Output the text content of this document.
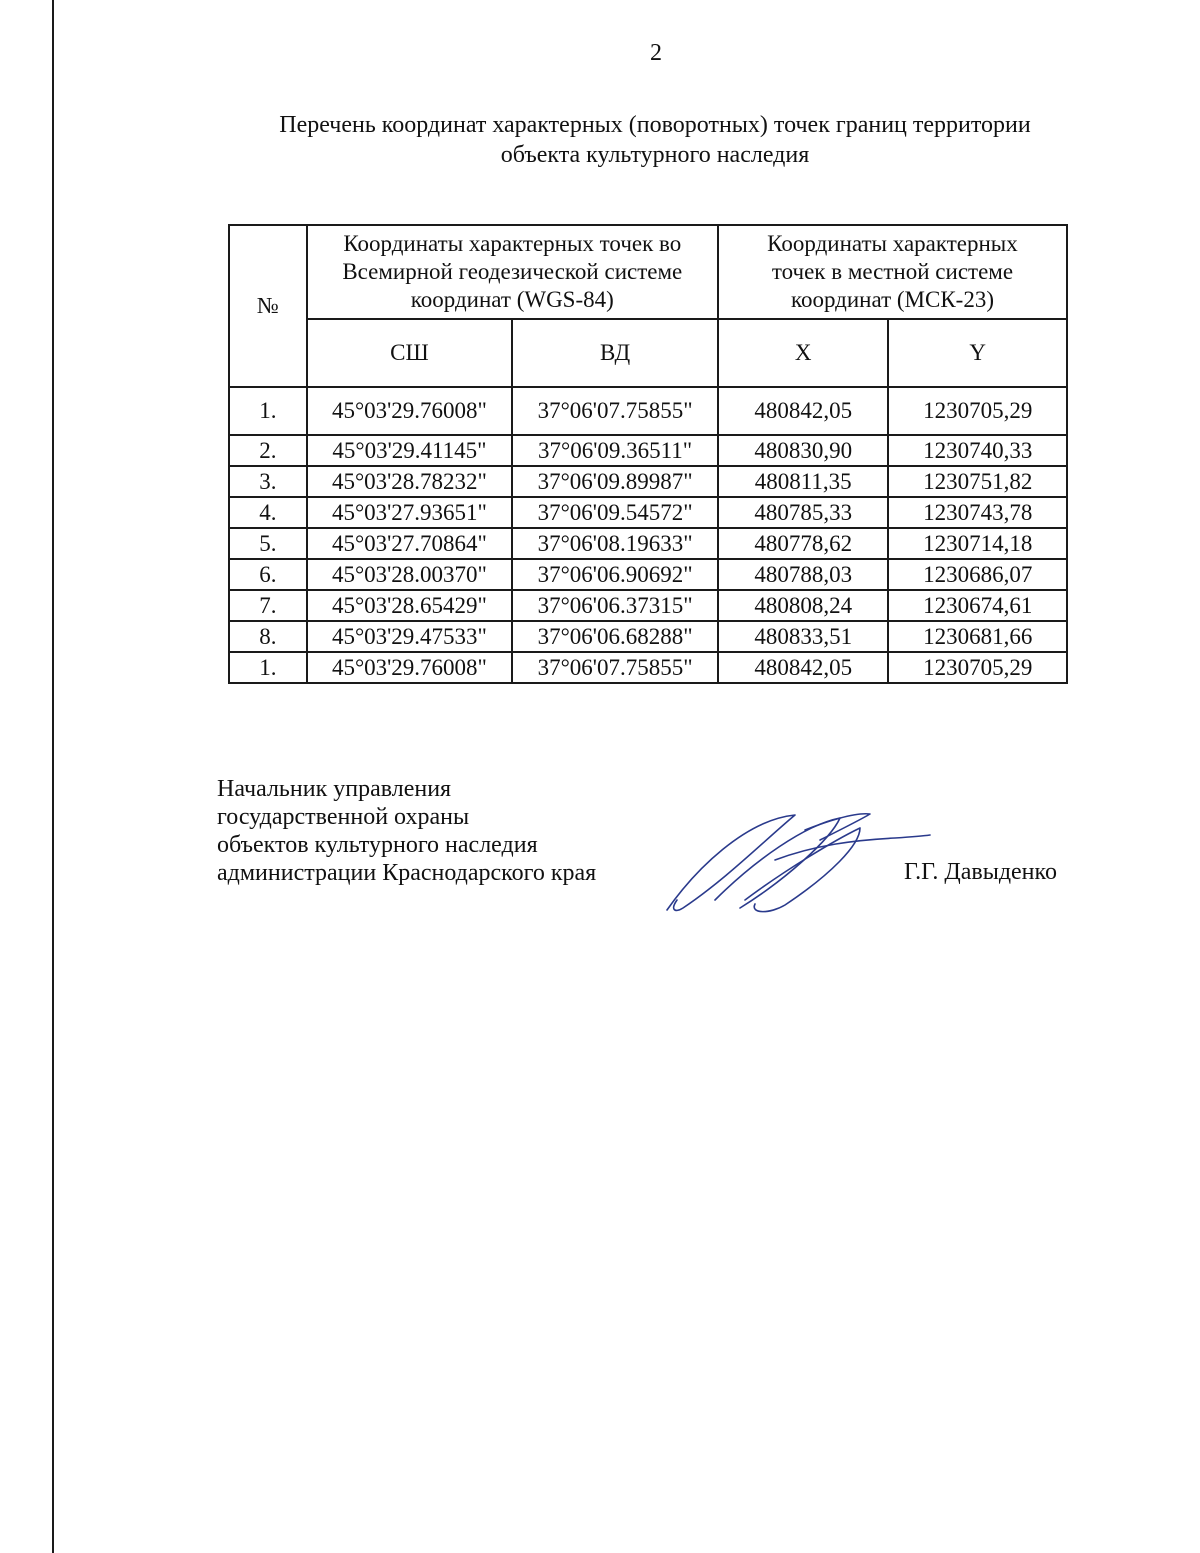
2
Перечень координат характерных (поворотных) точек границ территории
объекта культурного наследия
№	Координаты характерных точек во
Всемирной геодезической системе
координат (WGS-84)		Координаты характерных
точек в местной системе
координат (МСК-23)	

	СШ	ВД	X	Y
1.	45°03'29.76008"	37°06'07.75855"	480842,05	1230705,29
2.	45°03'29.41145"	37°06'09.36511"	480830,90	1230740,33
3.	45°03'28.78232"	37°06'09.89987"	480811,35	1230751,82
4.	45°03'27.93651"	37°06'09.54572"	480785,33	1230743,78
5.	45°03'27.70864"	37°06'08.19633"	480778,62	1230714,18
6.	45°03'28.00370"	37°06'06.90692"	480788,03	1230686,07
7.	45°03'28.65429"	37°06'06.37315"	480808,24	1230674,61
8.	45°03'29.47533"	37°06'06.68288"	480833,51	1230681,66
1.	45°03'29.76008"	37°06'07.75855"	480842,05	1230705,29
Начальник управления
государственной охраны
объектов культурного наследия
администрации Краснодарского края	Г.Г. Давыденко
